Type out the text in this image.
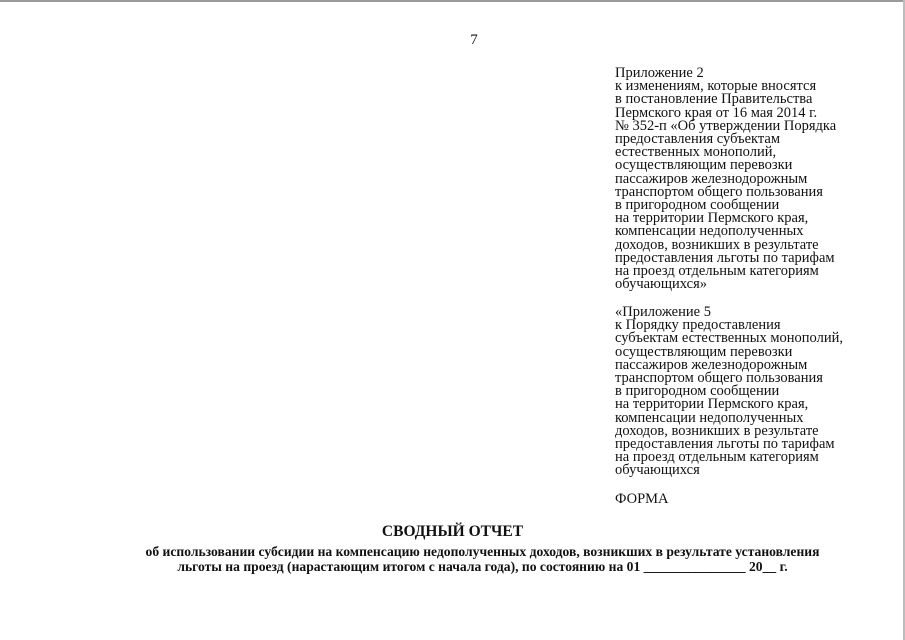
7
Приложение 2
к изменениям, которые вносятся
в постановление Правительства
Пермского края от 16 мая 2014 г.
№ 352-п «Об утверждении Порядка
предоставления субъектам
естественных монополий,
осуществляющим перевозки
пассажиров железнодорожным
транспортом общего пользования
в пригородном сообщении
на территории Пермского края,
компенсации недополученных
доходов, возникших в результате
предоставления льготы по тарифам
на проезд отдельным категориям
обучающихся»
«Приложение 5
к Порядку предоставления
субъектам естественных монополий,
осуществляющим перевозки
пассажиров железнодорожным
транспортом общего пользования
в пригородном сообщении
на территории Пермского края,
компенсации недополученных
доходов, возникших в результате
предоставления льготы по тарифам
на проезд отдельным категориям
обучающихся
ФОРМА
СВОДНЫЙ ОТЧЕТ
об использовании субсидии на компенсацию недополученных доходов, возникших в результате установления
льготы на проезд (нарастающим итогом с начала года), по состоянию на 01 _______________ 20__ г.
